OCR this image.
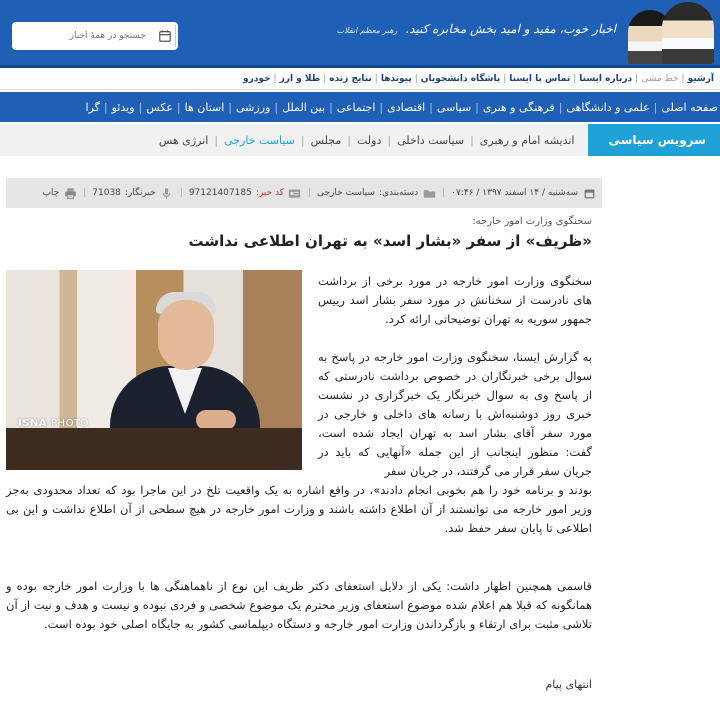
اخبار خوب، مفید و امید بخش مخابره کنید. رهبر معظم انقلاب
جستجو در همهٔ اخبار
آرشیو
|
خط مشی
|
درباره ایسنا
|
تماس با ایسنا
|
باشگاه دانشجویان
|
پیوندها
|
نتایج زنده
|
طلا و ارز
|
خودرو
صفحه اصلی
|
علمی و دانشگاهی
|
فرهنگی و هنری
|
سیاسی
|
اقتصادی
|
اجتماعی
|
بین الملل
|
ورزشی
|
استان ها
|
عکس
|
ویدئو
|
گرا
سرویس سیاسی
اندیشه امام و رهبری
|
سیاست داخلی
|
دولت
|
مجلس
|
سیاست خارجی
|
انرژی هس
سه‌شنبه / ۱۴ اسفند ۱۳۹۷ / ۰۷:۴۶
|
دسته‌بندی:
سیاست خارجی
|
کد خبر:
97121407185
|
خبرنگار:
71038
|
چاپ
سخنگوی وزارت امور خارجه:
«ظریف» از سفر «بشار اسد» به تهران اطلاعی نداشت
ISNA PHOTO

سخنگوی وزارت امور خارجه در مورد برخی از برداشت های نادرست از سخنانش در مورد سفر بشار اسد رییس جمهور سوریه به تهران توضیحاتی ارائه کرد.

به گزارش ایسنا، سخنگوی وزارت امور خارجه در پاسخ به سوال برخی خبرنگاران در خصوص برداشت نادرستی که از پاسخ وی به سوال خبرنگار یک خبرگزاری در نشست خبری روز دوشنبه‌اش با رسانه های داخلی و خارجی در مورد سفر آقای بشار اسد به تهران ایجاد شده است، گفت: منظور اینجانب از این جمله «آنهایی که باید در جریان سفر قرار می گرفتند، در جریان سفر

بودند و برنامه خود را هم بخوبی انجام دادند»، در واقع اشاره به یک واقعیت تلخ در این ماجرا بود که تعداد محدودی به‌جز وزیر امور خارجه می توانستند از آن اطلاع داشته باشند و وزارت امور خارجه در هیچ سطحی از آن اطلاع نداشت و این بی اطلاعی تا پایان سفر حفظ شد.

قاسمی همچنین اظهار داشت: یکی از دلایل استعفای دکتر ظریف این نوع از ناهماهنگی ها با وزارت امور خارجه بوده و همانگونه که قبلا هم اعلام شده موضوع استعفای وزیر محترم یک موضوع شخصی و فردی نبوده و نیست و هدف و نیت از آن تلاشی مثبت برای ارتقاء و بازگرداندن وزارت امور خارجه و دستگاه دیپلماسی کشور به جایگاه اصلی خود بوده است.

انتهای پیام
